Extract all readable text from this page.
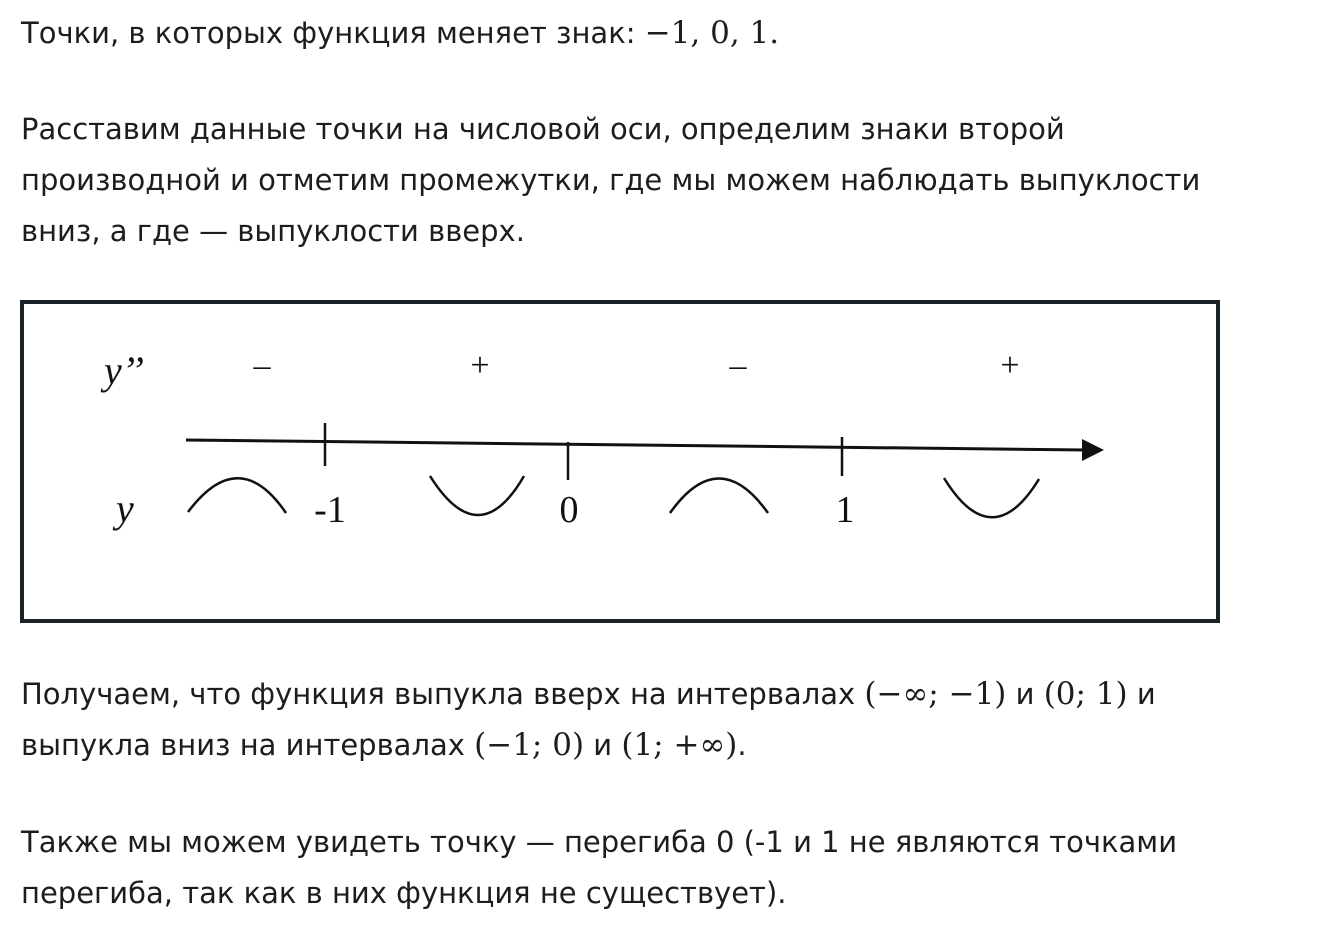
Точки, в которых функция меняет знак: −1, 0, 1.
Расставим данные точки на числовой оси, определим знаки второй
производной и отметим промежутки, где мы можем наблюдать выпуклости
вниз, а где — выпуклости вверх.
y’’
y
–	+	–	+
-1	0	1
Получаем, что функция выпукла вверх на интервалах (−∞; −1) и (0; 1) и
выпукла вниз на интервалах (−1; 0) и (1; +∞).
Также мы можем увидеть точку — перегиба 0 (-1 и 1 не являются точками
перегиба, так как в них функция не существует).
